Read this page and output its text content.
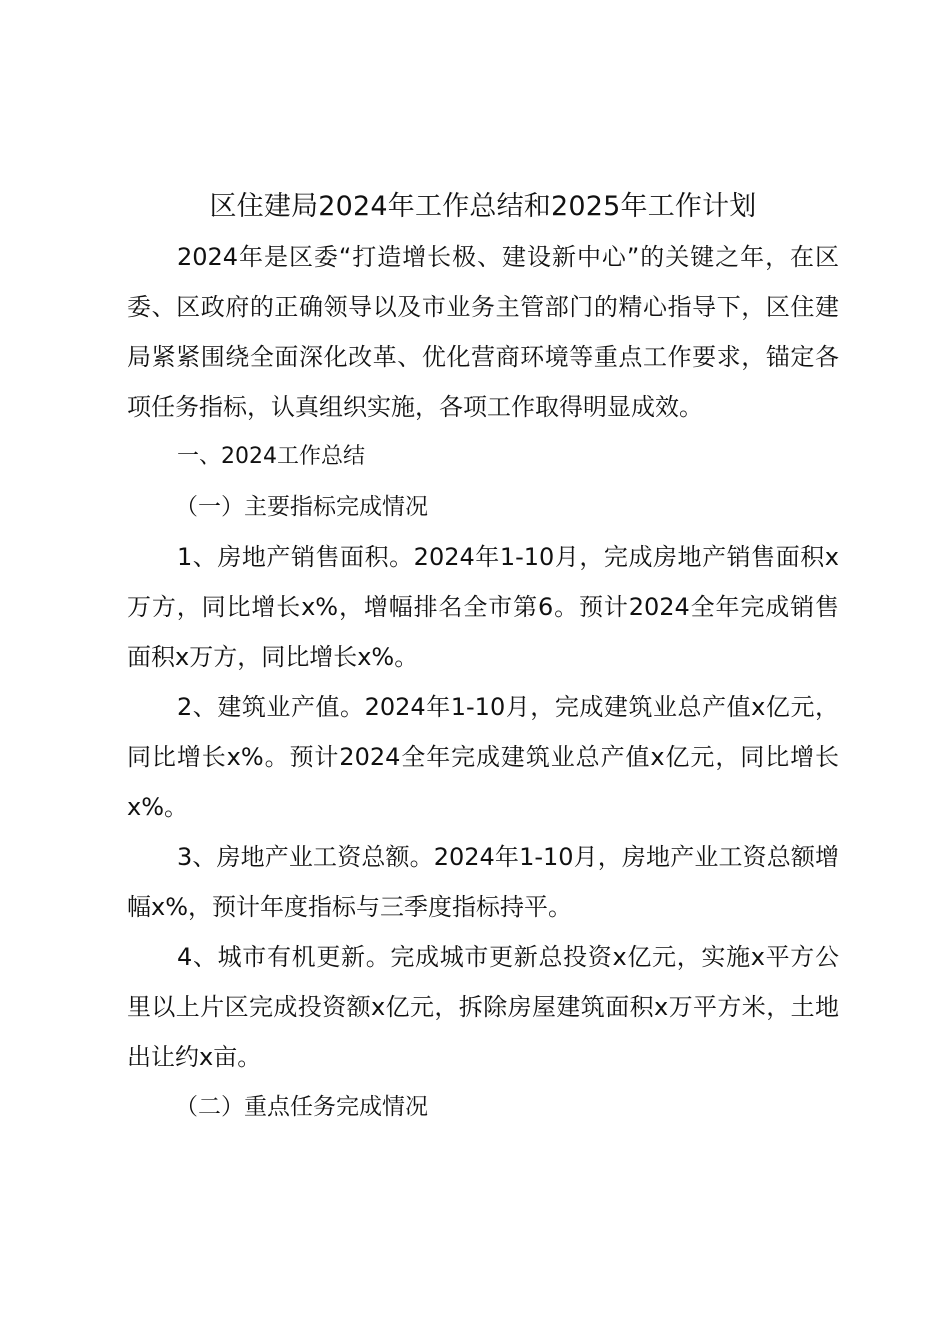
区住建局2024年工作总结和2025年工作计划

2024年是区委“打造增长极、建设新中心”的关键之年，在区委、区政府的正确领导以及市业务主管部门的精心指导下，区住建局紧紧围绕全面深化改革、优化营商环境等重点工作要求，锚定各项任务指标，认真组织实施，各项工作取得明显成效。

一、2024工作总结

（一）主要指标完成情况

1、房地产销售面积。2024年1-10月，完成房地产销售面积x万方，同比增长x%，增幅排名全市第6。预计2024全年完成销售面积x万方，同比增长x%。

2、建筑业产值。2024年1-10月，完成建筑业总产值x亿元，同比增长x%。预计2024全年完成建筑业总产值x亿元，同比增长x%。

3、房地产业工资总额。2024年1-10月，房地产业工资总额增幅x%，预计年度指标与三季度指标持平。

4、城市有机更新。完成城市更新总投资x亿元，实施x平方公里以上片区完成投资额x亿元，拆除房屋建筑面积x万平方米，土地出让约x亩。

（二）重点任务完成情况
